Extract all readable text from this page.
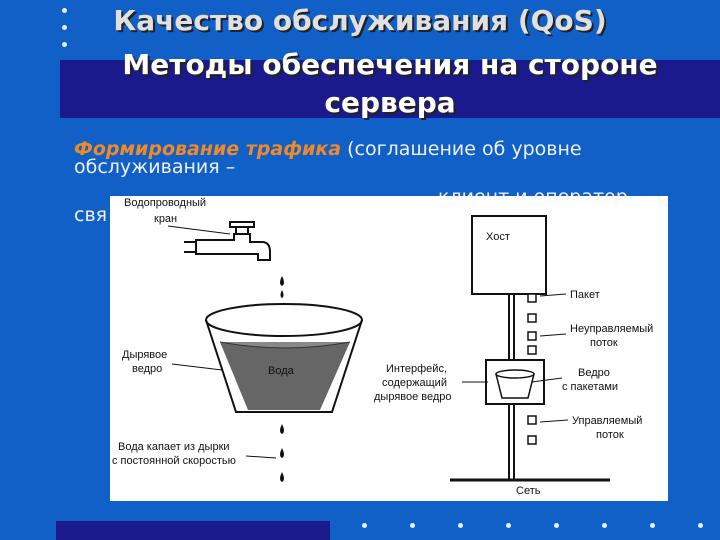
Качество обслуживания (QoS)
Методы обеспечения на стороне сервера
Формирование трафика (соглашение об уровне
обслуживания –
свя
Водопроводный
кран
Вода
Дырявое
ведро
Вода капает из дырки
с постоянной скоростью
Хост
Пакет
Неуправляемый
поток
Интерфейс,
содержащий
дырявое ведро
Ведро
с пакетами
Управляемый
поток
Сеть
